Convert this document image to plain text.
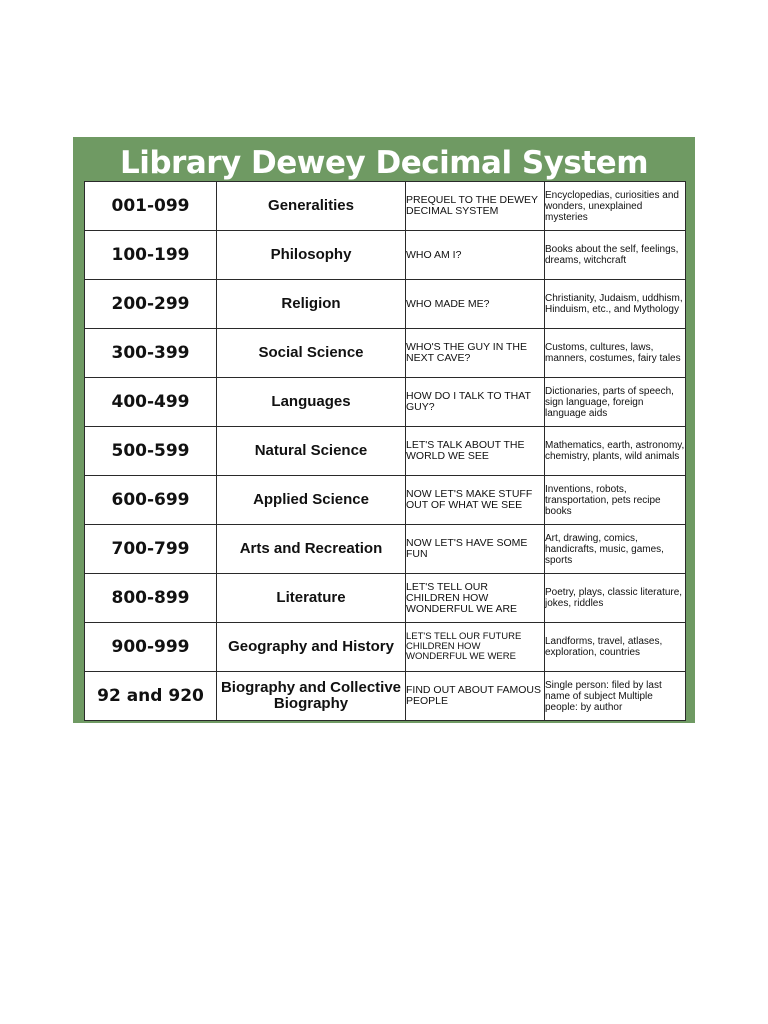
Library Dewey Decimal System
001-099	Generalities	PREQUEL TO THE DEWEY DECIMAL SYSTEM	Encyclopedias, curiosities and wonders, unexplained mysteries
100-199	Philosophy	WHO AM I?	Books about the self, feelings, dreams, witchcraft
200-299	Religion	WHO MADE ME?	Christianity, Judaism, uddhism, Hinduism, etc., and Mythology
300-399	Social Science	WHO'S THE GUY IN THE NEXT CAVE?	Customs, cultures, laws, manners, costumes, fairy tales
400-499	Languages	HOW DO I TALK TO THAT GUY?	Dictionaries, parts of speech, sign language, foreign language aids
500-599	Natural Science	LET'S TALK ABOUT THE WORLD WE SEE	Mathematics, earth, astronomy, chemistry, plants, wild animals
600-699	Applied Science	NOW LET'S MAKE STUFF OUT OF WHAT WE SEE	Inventions, robots, transportation, pets recipe books
700-799	Arts and Recreation	NOW LET'S HAVE SOME FUN	Art, drawing, comics, handicrafts, music, games, sports
800-899	Literature	LET'S TELL OUR CHILDREN HOW WONDERFUL WE ARE	Poetry, plays, classic literature, jokes, riddles
900-999	Geography and History	LET'S TELL OUR FUTURE CHILDREN HOW WONDERFUL WE WERE	Landforms, travel, atlases, exploration, countries
92 and 920	Biography and Collective Biography	FIND OUT ABOUT FAMOUS PEOPLE	Single person: filed by last name of subject Multiple people: by author
